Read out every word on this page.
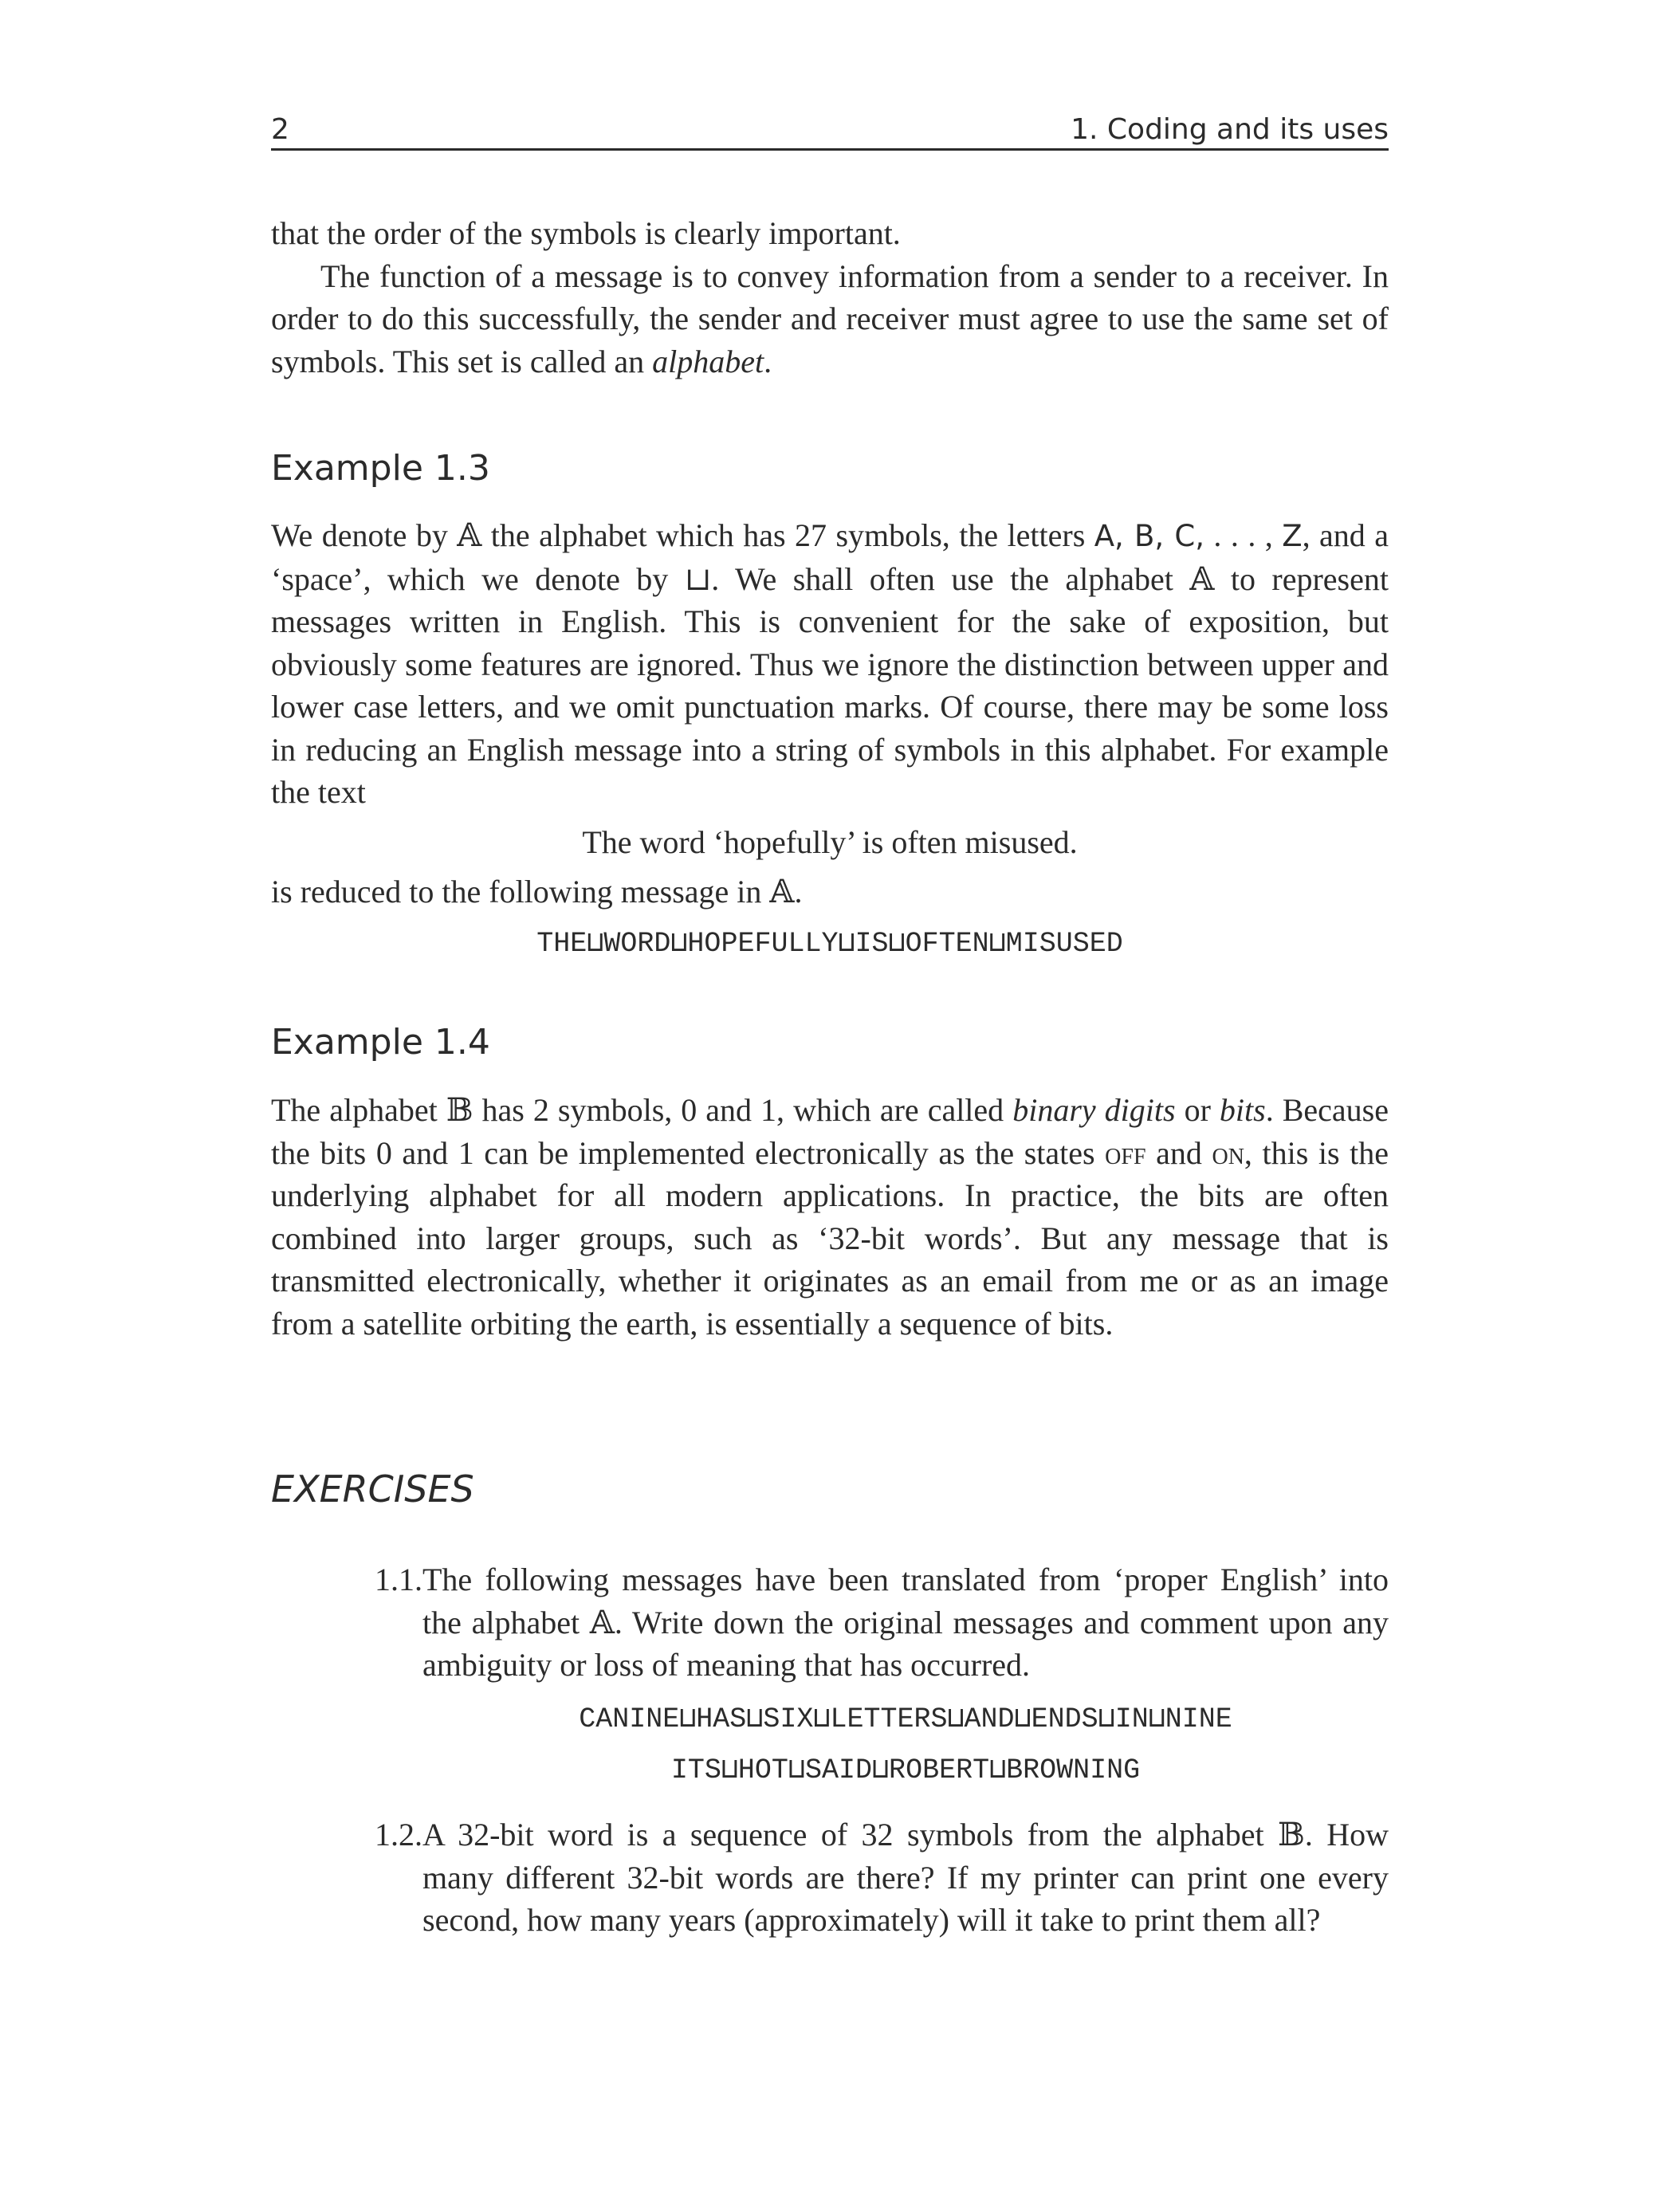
2	1. Coding and its uses

that the order of the symbols is clearly important.

The function of a message is to convey information from a sender to a receiver. In order to do this successfully, the sender and receiver must agree to use the same set of symbols. This set is called an alphabet.

Example 1.3

We denote by 𝔸 the alphabet which has 27 symbols, the letters A, B, C, . . . , Z, and a ‘space’, which we denote by ⊔. We shall often use the alphabet 𝔸 to represent messages written in English. This is convenient for the sake of exposition, but obviously some features are ignored. Thus we ignore the distinction between upper and lower case letters, and we omit punctuation marks. Of course, there may be some loss in reducing an English message into a string of symbols in this alphabet. For example the text

The word ‘hopefully’ is often misused.

is reduced to the following message in 𝔸.

THE⊔WORD⊔HOPEFULLY⊔IS⊔OFTEN⊔MISUSED
Example 1.4

The alphabet 𝔹 has 2 symbols, 0 and 1, which are called binary digits or bits. Because the bits 0 and 1 can be implemented electronically as the states off and on, this is the underlying alphabet for all modern applications. In practice, the bits are often combined into larger groups, such as ‘32-bit words’. But any message that is transmitted electronically, whether it originates as an email from me or as an image from a satellite orbiting the earth, is essentially a sequence of bits.

EXERCISES
1.1. The following messages have been translated from ‘proper English’ into the alphabet 𝔸. Write down the original messages and comment upon any ambiguity or loss of meaning that has occurred.
CANINE⊔HAS⊔SIX⊔LETTERS⊔AND⊔ENDS⊔IN⊔NINE
ITS⊔HOT⊔SAID⊔ROBERT⊔BROWNING
1.2. A 32-bit word is a sequence of 32 symbols from the alphabet 𝔹. How many different 32-bit words are there? If my printer can print one every second, how many years (approximately) will it take to print them all?
